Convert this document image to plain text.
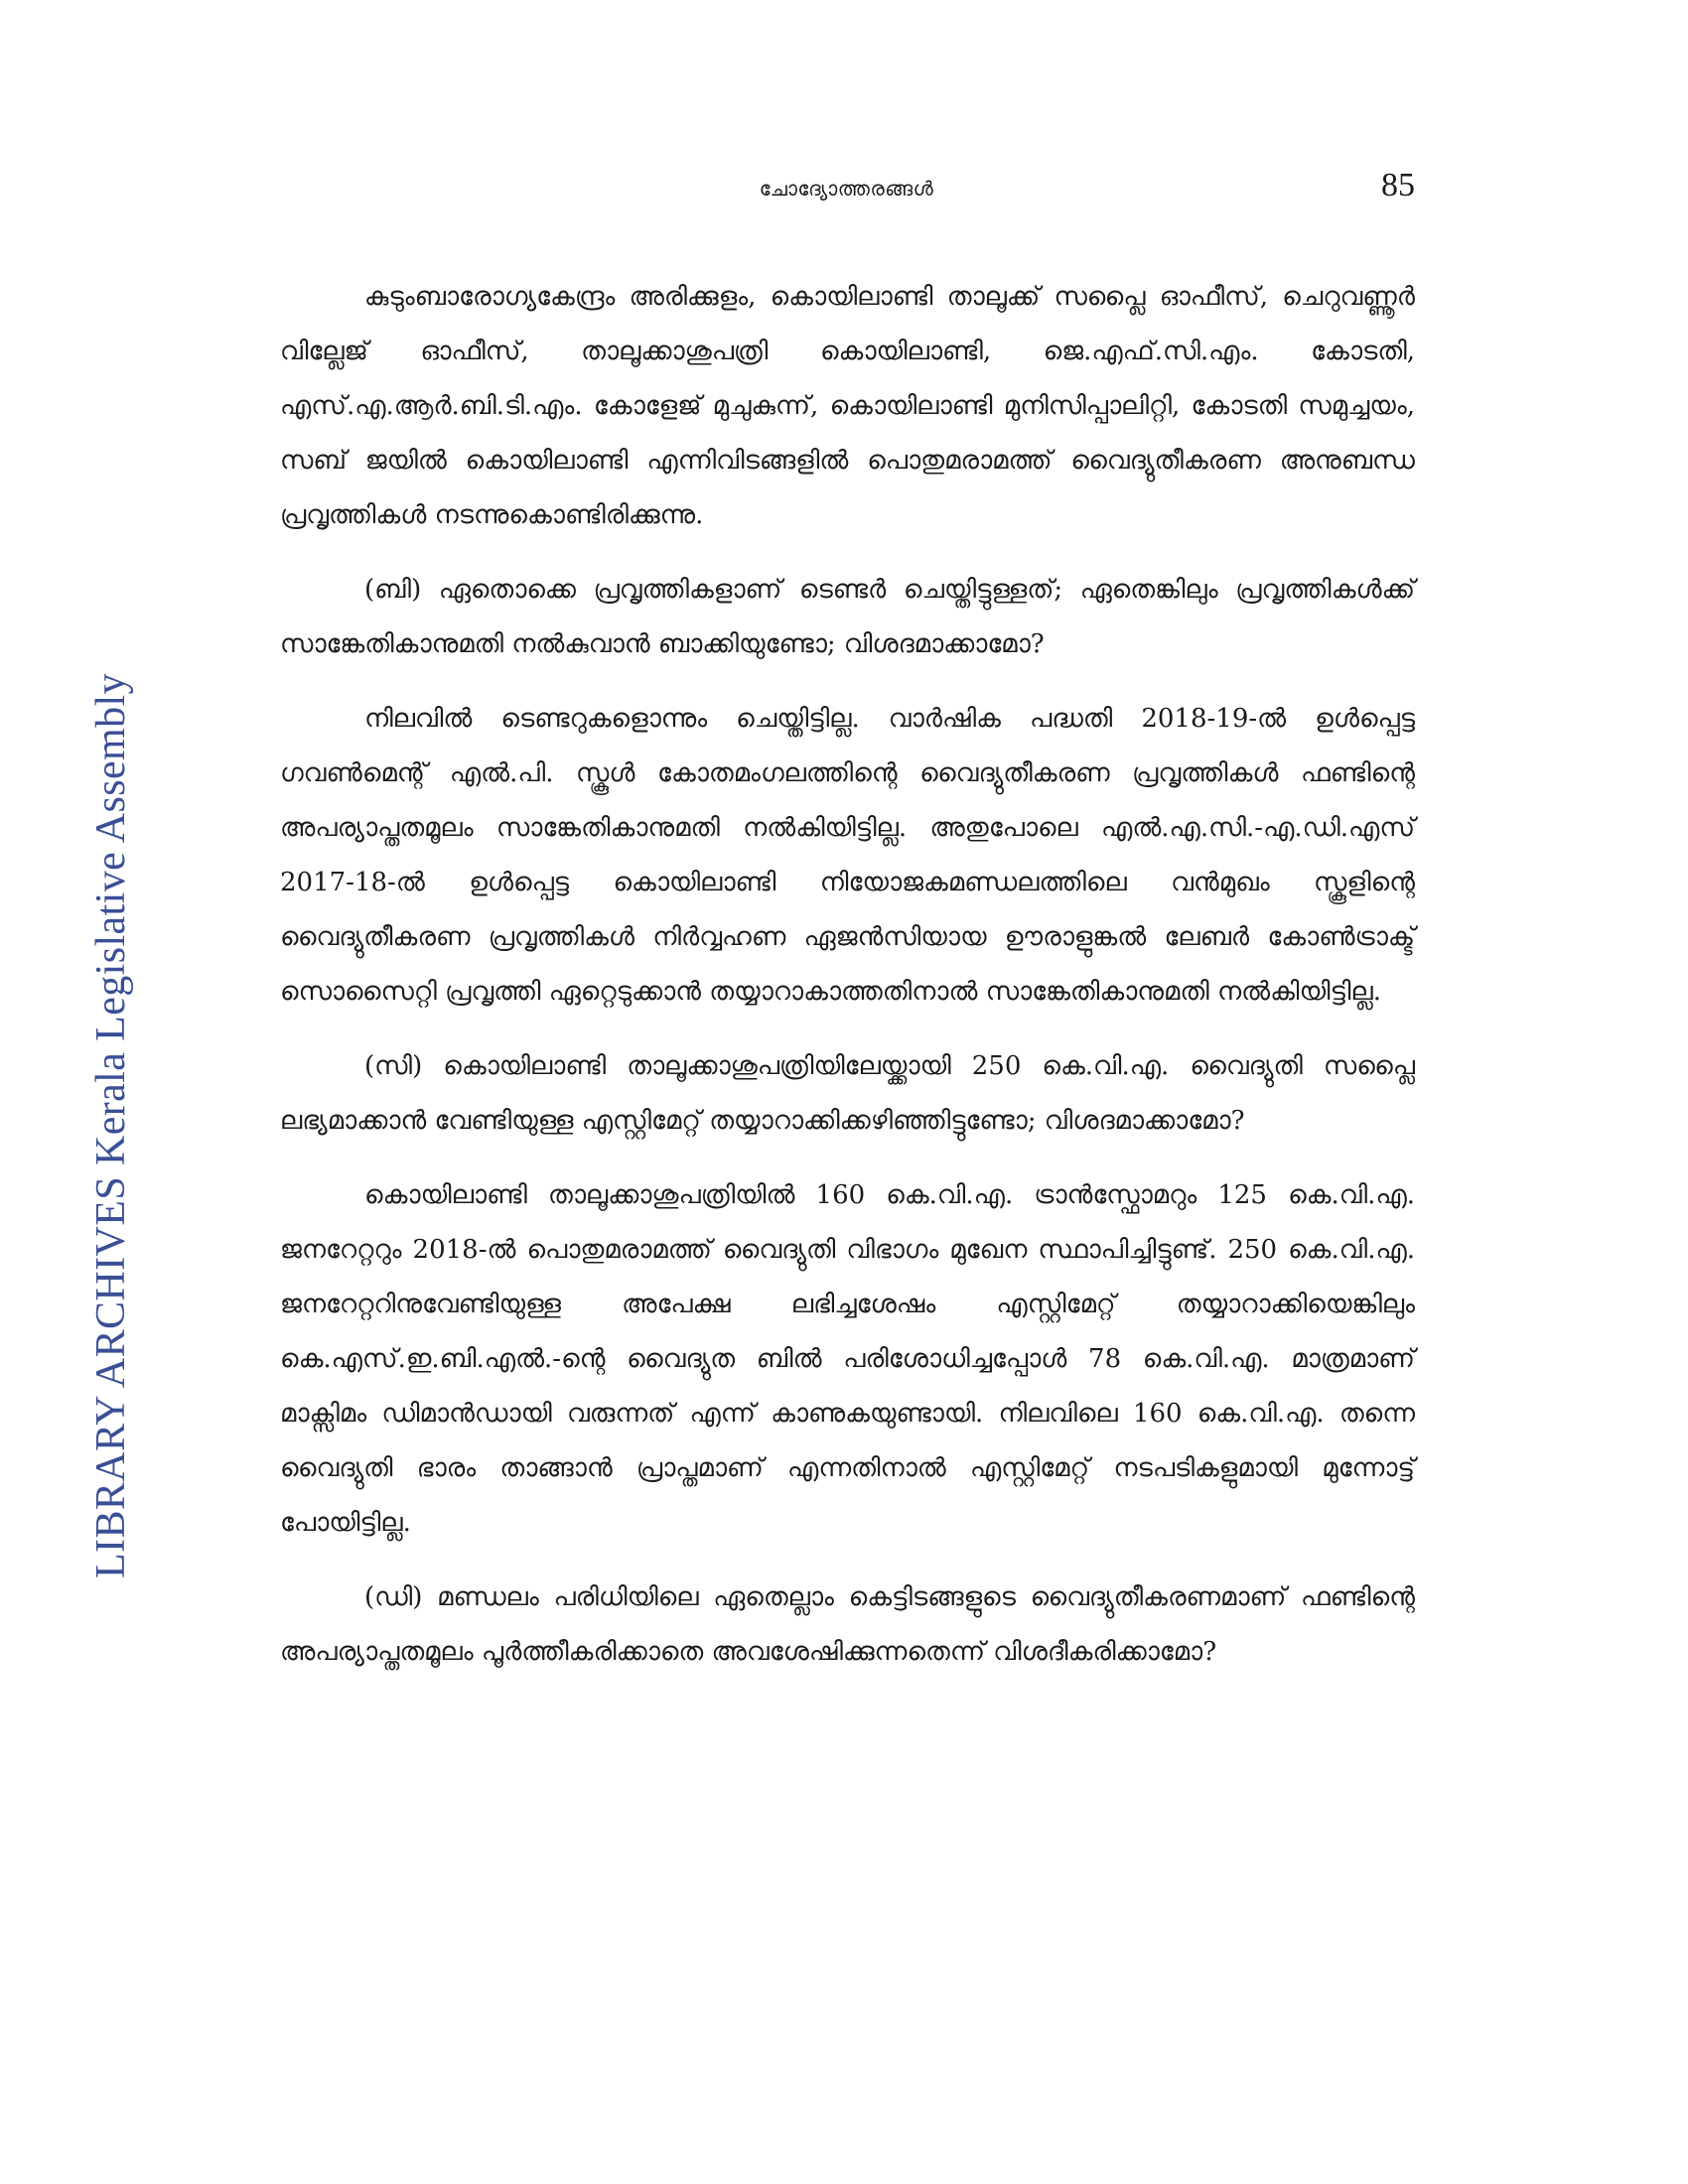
ചോദ്യോത്തരങ്ങൾ	85
LIBRARY ARCHIVES Kerala Legislative Assembly

കുടുംബാരോഗ്യകേന്ദ്രം അരിക്കുളം, കൊയിലാണ്ടി താലൂക്ക് സപ്ലൈ ഓഫീസ്, ചെറുവണ്ണൂർ വില്ലേജ് ഓഫീസ്, താലൂക്കാശുപത്രി കൊയിലാണ്ടി, ജെ.എഫ്.സി.എം. കോടതി, എസ്.എ.ആർ.ബി.ടി.എം. കോളേജ് മുചുകുന്ന്, കൊയിലാണ്ടി മുനിസിപ്പാലിറ്റി, കോടതി സമുച്ചയം, സബ് ജയിൽ കൊയിലാണ്ടി എന്നിവിടങ്ങളിൽ പൊതുമരാമത്ത് വൈദ്യുതീകരണ അനുബന്ധ പ്രവൃത്തികൾ നടന്നുകൊണ്ടിരിക്കുന്നു.

(ബി) ഏതൊക്കെ പ്രവൃത്തികളാണ് ടെണ്ടർ ചെയ്തിട്ടുള്ളത്; ഏതെങ്കിലും പ്രവൃത്തികൾക്ക് സാങ്കേതികാനുമതി നൽകുവാൻ ബാക്കിയുണ്ടോ; വിശദമാക്കാമോ?

നിലവിൽ ടെണ്ടറുകളൊന്നും ചെയ്തിട്ടില്ല. വാർഷിക പദ്ധതി 2018-19-ൽ ഉൾപ്പെട്ട ഗവൺമെന്റ് എൽ.പി. സ്കൂൾ കോതമംഗലത്തിന്റെ വൈദ്യുതീകരണ പ്രവൃത്തികൾ ഫണ്ടിന്റെ അപര്യാപ്തതമൂലം സാങ്കേതികാനുമതി നൽകിയിട്ടില്ല. അതുപോലെ എൽ.എ.സി.-എ.ഡി.എസ് 2017-18-ൽ ഉൾപ്പെട്ട കൊയിലാണ്ടി നിയോജകമണ്ഡലത്തിലെ വൻമുഖം സ്കൂളിന്റെ വൈദ്യുതീകരണ പ്രവൃത്തികൾ നിർവ്വഹണ ഏജൻസിയായ ഊരാളുങ്കൽ ലേബർ കോൺട്രാക്ട് സൊസൈറ്റി പ്രവൃത്തി ഏറ്റെടുക്കാൻ തയ്യാറാകാത്തതിനാൽ സാങ്കേതികാനുമതി നൽകിയിട്ടില്ല.

(സി) കൊയിലാണ്ടി താലൂക്കാശുപത്രിയിലേയ്ക്കായി 250 കെ.വി.എ. വൈദ്യുതി സപ്ലൈ ലഭ്യമാക്കാൻ വേണ്ടിയുള്ള എസ്റ്റിമേറ്റ് തയ്യാറാക്കിക്കഴിഞ്ഞിട്ടുണ്ടോ; വിശദമാക്കാമോ?

കൊയിലാണ്ടി താലൂക്കാശുപത്രിയിൽ 160 കെ.വി.എ. ട്രാൻസ്ഫോമറും 125 കെ.വി.എ. ജനറേറ്ററും 2018-ൽ പൊതുമരാമത്ത് വൈദ്യുതി വിഭാഗം മുഖേന സ്ഥാപിച്ചിട്ടുണ്ട്. 250 കെ.വി.എ. ജനറേറ്ററിനുവേണ്ടിയുള്ള അപേക്ഷ ലഭിച്ചശേഷം എസ്റ്റിമേറ്റ് തയ്യാറാക്കിയെങ്കിലും കെ.എസ്.ഇ.ബി.എൽ.-ന്റെ വൈദ്യുത ബിൽ പരിശോധിച്ചപ്പോൾ 78 കെ.വി.എ. മാത്രമാണ് മാക്സിമം ഡിമാൻഡായി വരുന്നത് എന്ന് കാണുകയുണ്ടായി. നിലവിലെ 160 കെ.വി.എ. തന്നെ വൈദ്യുതി ഭാരം താങ്ങാൻ പ്രാപ്തമാണ് എന്നതിനാൽ എസ്റ്റിമേറ്റ് നടപടികളുമായി മുന്നോട്ട് പോയിട്ടില്ല.

(ഡി) മണ്ഡലം പരിധിയിലെ ഏതെല്ലാം കെട്ടിടങ്ങളുടെ വൈദ്യുതീകരണമാണ് ഫണ്ടിന്റെ അപര്യാപ്തതമൂലം പൂർത്തീകരിക്കാതെ അവശേഷിക്കുന്നതെന്ന് വിശദീകരിക്കാമോ?
